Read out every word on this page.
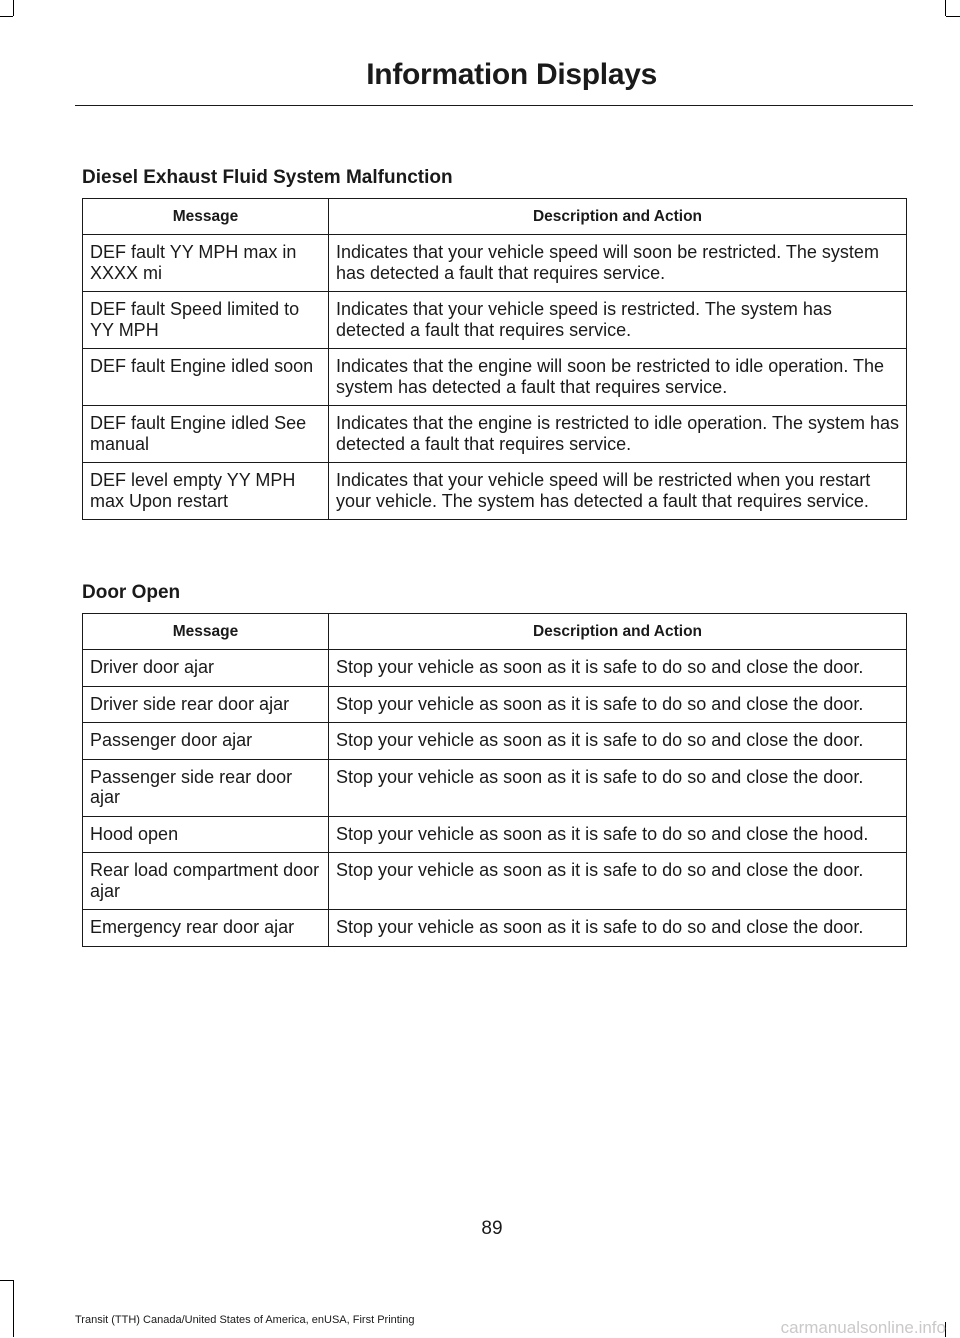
Information Displays
Diesel Exhaust Fluid System Malfunction
Message	Description and Action
DEF fault YY MPH max in XXXX mi	Indicates that your vehicle speed will soon be restricted. The system has detected a fault that requires service.
DEF fault Speed limited to YY MPH	Indicates that your vehicle speed is restricted. The system has detected a fault that requires service.
DEF fault Engine idled soon	Indicates that the engine will soon be restricted to idle operation. The system has detected a fault that requires service.
DEF fault Engine idled See manual	Indicates that the engine is restricted to idle operation. The system has detected a fault that requires service.
DEF level empty YY MPH max Upon restart	Indicates that your vehicle speed will be restricted when you restart your vehicle. The system has detected a fault that requires service.
Door Open
Message	Description and Action
Driver door ajar	Stop your vehicle as soon as it is safe to do so and close the door.
Driver side rear door ajar	Stop your vehicle as soon as it is safe to do so and close the door.
Passenger door ajar	Stop your vehicle as soon as it is safe to do so and close the door.
Passenger side rear door ajar	Stop your vehicle as soon as it is safe to do so and close the door.
Hood open	Stop your vehicle as soon as it is safe to do so and close the hood.
Rear load compartment door ajar	Stop your vehicle as soon as it is safe to do so and close the door.
Emergency rear door ajar	Stop your vehicle as soon as it is safe to do so and close the door.
89
Transit (TTH) Canada/United States of America, enUSA, First Printing	carmanualsonline.info
